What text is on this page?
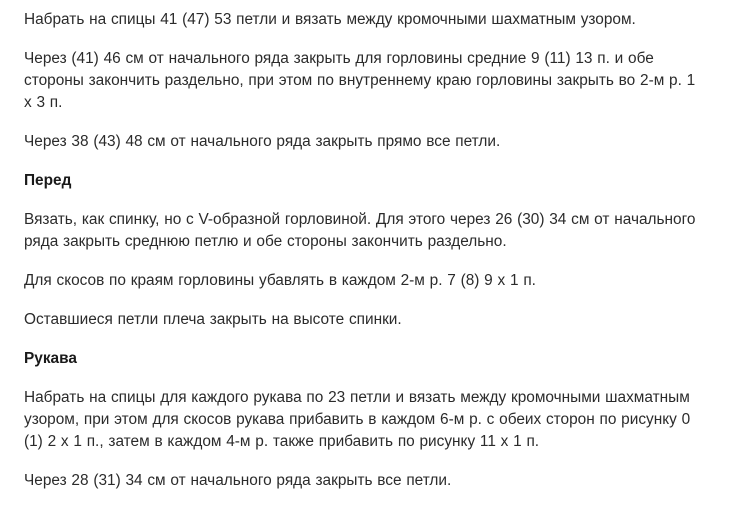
Набрать на спицы 41 (47) 53 петли и вязать между кромочными шахматным узором.

Через (41) 46 см от начального ряда закрыть для горловины средние 9 (11) 13 п. и обе
стороны закончить раздельно, при этом по внутреннему краю горловины закрыть во 2-м р. 1
х 3 п.

Через 38 (43) 48 см от начального ряда закрыть прямо все петли.

Перед

Вязать, как спинку, но с V-образной горловиной. Для этого через 26 (30) 34 см от начального
ряда закрыть среднюю петлю и обе стороны закончить раздельно.

Для скосов по краям горловины убавлять в каждом 2-м р. 7 (8) 9 х 1 п.

Оставшиеся петли плеча закрыть на высоте спинки.

Рукава

Набрать на спицы для каждого рукава по 23 петли и вязать между кромочными шахматным
узором, при этом для скосов рукава прибавить в каждом 6-м р. с обеих сторон по рисунку 0
(1) 2 х 1 п., затем в каждом 4-м р. также прибавить по рисунку 11 х 1 п.

Через 28 (31) 34 см от начального ряда закрыть все петли.
